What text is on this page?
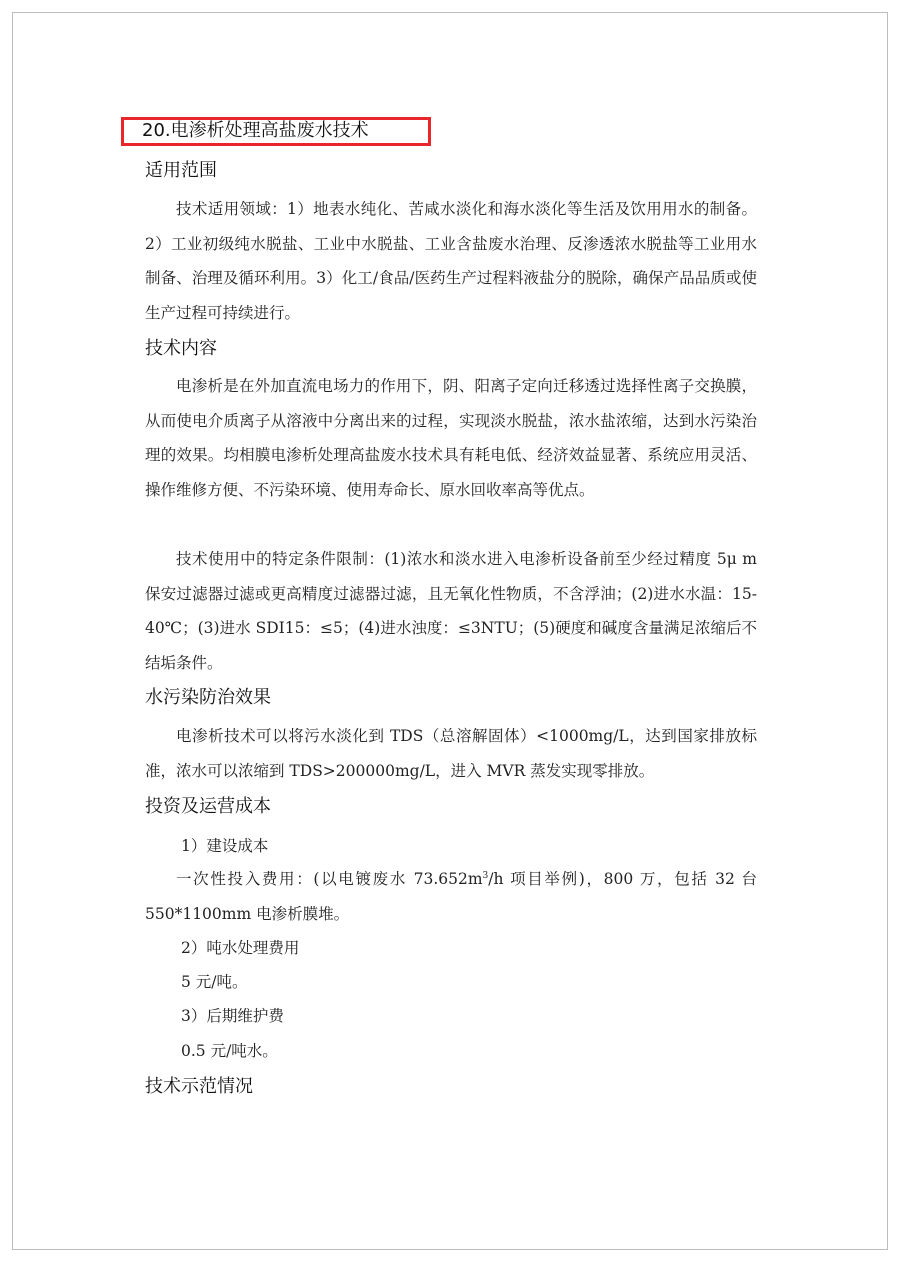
20.电渗析处理高盐废水技术
适用范围

技术适用领域：1）地表水纯化、苦咸水淡化和海水淡化等生活及饮用用水的制备。2）工业初级纯水脱盐、工业中水脱盐、工业含盐废水治理、反渗透浓水脱盐等工业用水制备、治理及循环利用。3）化工/食品/医药生产过程料液盐分的脱除，确保产品品质或使生产过程可持续进行。

技术内容

电渗析是在外加直流电场力的作用下，阴、阳离子定向迁移透过选择性离子交换膜，从而使电介质离子从溶液中分离出来的过程，实现淡水脱盐，浓水盐浓缩，达到水污染治理的效果。均相膜电渗析处理高盐废水技术具有耗电低、经济效益显著、系统应用灵活、操作维修方便、不污染环境、使用寿命长、原水回收率高等优点。

技术使用中的特定条件限制：(1)浓水和淡水进入电渗析设备前至少经过精度 5μ m 保安过滤器过滤或更高精度过滤器过滤，且无氧化性物质，不含浮油；(2)进水水温：15-40℃；(3)进水 SDI15：≤5；(4)进水浊度：≤3NTU；(5)硬度和碱度含量满足浓缩后不结垢条件。

水污染防治效果

电渗析技术可以将污水淡化到 TDS（总溶解固体）<1000mg/L，达到国家排放标准，浓水可以浓缩到 TDS>200000mg/L，进入 MVR 蒸发实现零排放。

投资及运营成本
1）建设成本

一次性投入费用：(以电镀废水 $73.652m^3/h$ 项目举例)，800 万，包括 32 台 550*1100mm 电渗析膜堆。

2）吨水处理费用
5 元/吨。
3）后期维护费
0.5 元/吨水。
技术示范情况
